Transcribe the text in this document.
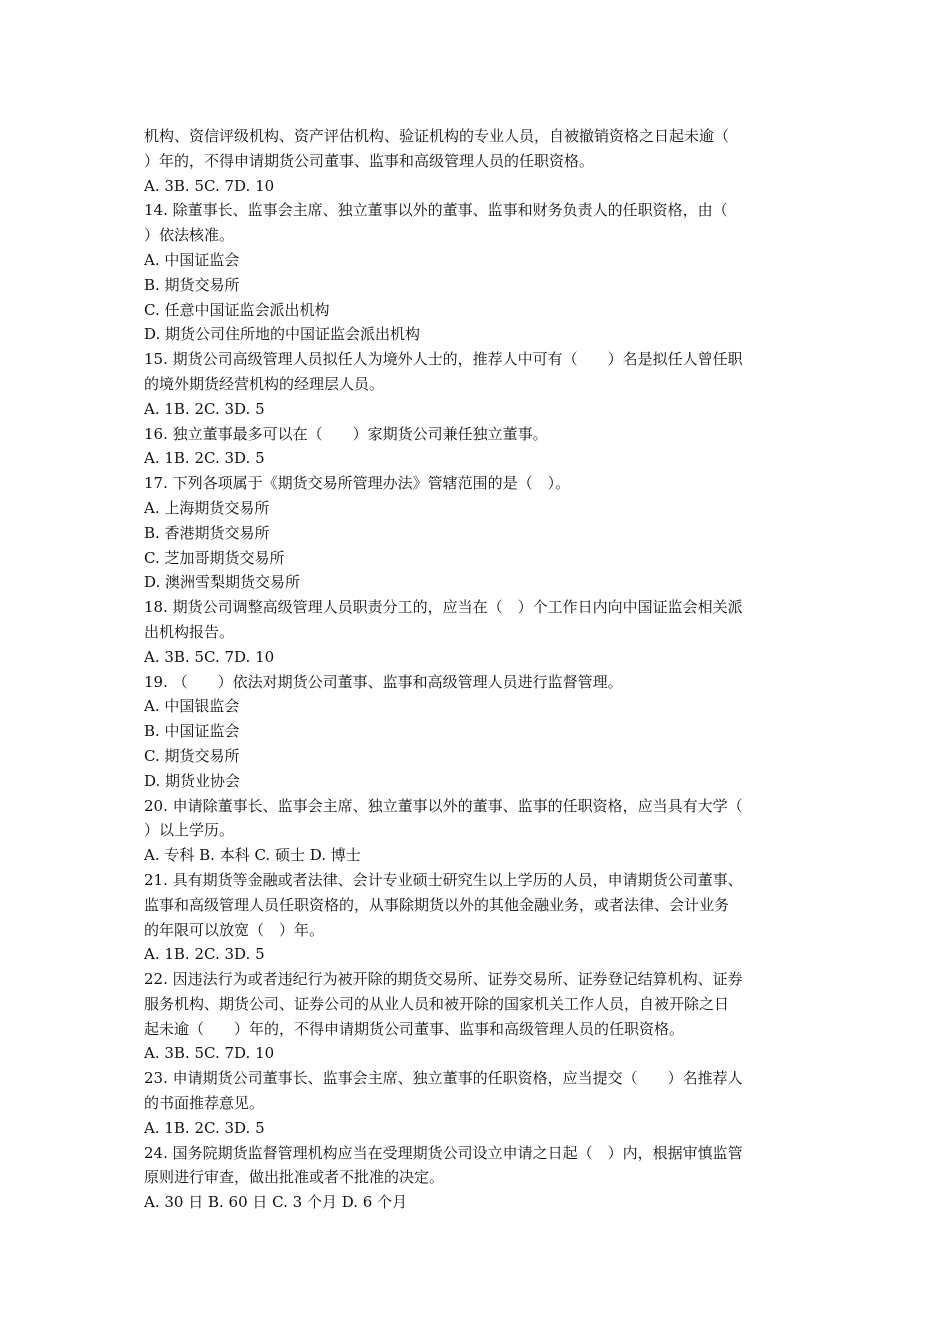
机构、资信评级机构、资产评估机构、验证机构的专业人员，自被撤销资格之日起未逾（
）年的，不得申请期货公司董事、监事和高级管理人员的任职资格。
A. 3B. 5C. 7D. 10
14. 除董事长、监事会主席、独立董事以外的董事、监事和财务负责人的任职资格，由（
）依法核准。
A. 中国证监会
B. 期货交易所
C. 任意中国证监会派出机构
D. 期货公司住所地的中国证监会派出机构
15. 期货公司高级管理人员拟任人为境外人士的，推荐人中可有（　　）名是拟任人曾任职
的境外期货经营机构的经理层人员。
A. 1B. 2C. 3D. 5
16. 独立董事最多可以在（　　）家期货公司兼任独立董事。
A. 1B. 2C. 3D. 5
17. 下列各项属于《期货交易所管理办法》管辖范围的是（　）。
A. 上海期货交易所
B. 香港期货交易所
C. 芝加哥期货交易所
D. 澳洲雪梨期货交易所
18. 期货公司调整高级管理人员职责分工的，应当在（　）个工作日内向中国证监会相关派
出机构报告。
A. 3B. 5C. 7D. 10
19. （　　）依法对期货公司董事、监事和高级管理人员进行监督管理。
A. 中国银监会
B. 中国证监会
C. 期货交易所
D. 期货业协会
20. 申请除董事长、监事会主席、独立董事以外的董事、监事的任职资格，应当具有大学（
）以上学历。
A. 专科 B. 本科 C. 硕士 D. 博士
21. 具有期货等金融或者法律、会计专业硕士研究生以上学历的人员，申请期货公司董事、
监事和高级管理人员任职资格的，从事除期货以外的其他金融业务，或者法律、会计业务
的年限可以放宽（　）年。
A. 1B. 2C. 3D. 5
22. 因违法行为或者违纪行为被开除的期货交易所、证券交易所、证券登记结算机构、证券
服务机构、期货公司、证券公司的从业人员和被开除的国家机关工作人员，自被开除之日
起未逾（　　）年的，不得申请期货公司董事、监事和高级管理人员的任职资格。
A. 3B. 5C. 7D. 10
23. 申请期货公司董事长、监事会主席、独立董事的任职资格，应当提交（　　）名推荐人
的书面推荐意见。
A. 1B. 2C. 3D. 5
24. 国务院期货监督管理机构应当在受理期货公司设立申请之日起（　）内，根据审慎监管
原则进行审查，做出批准或者不批准的决定。
A. 30 日 B. 60 日 C. 3 个月 D. 6 个月
